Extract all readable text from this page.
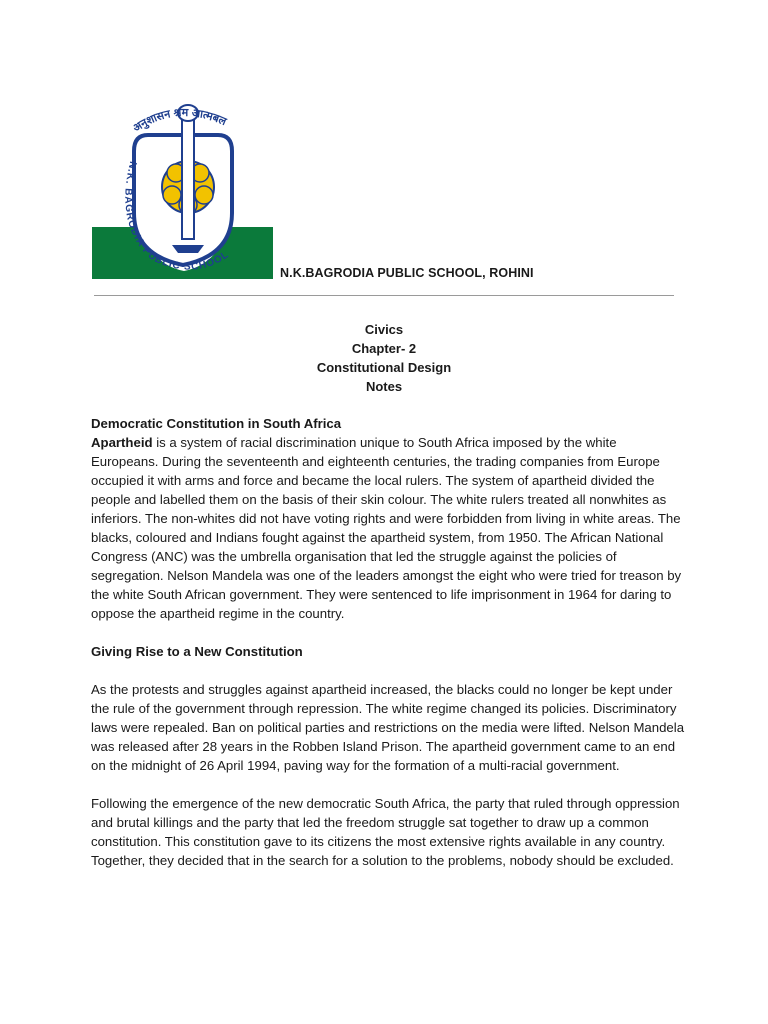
अनुशासन श्रम आत्मबल
N.K. BAGRODIA PUBLIC SCHOOL
N.K.BAGRODIA PUBLIC SCHOOL, ROHINI
Civics
Chapter- 2
Constitutional Design
Notes

Democratic Constitution in South Africa

Apartheid is a system of racial discrimination unique to South Africa imposed by the white Europeans. During the seventeenth and eighteenth centuries, the trading companies from Europe occupied it with arms and force and became the local rulers. The system of apartheid divided the people and labelled them on the basis of their skin colour. The white rulers treated all nonwhites as inferiors. The non-whites did not have voting rights and were forbidden from living in white areas. The blacks, coloured and Indians fought against the apartheid system, from 1950. The African National Congress (ANC) was the umbrella organisation that led the struggle against the policies of segregation. Nelson Mandela was one of the leaders amongst the eight who were tried for treason by the white South African government. They were sentenced to life imprisonment in 1964 for daring to oppose the apartheid regime in the country.

Giving Rise to a New Constitution

As the protests and struggles against apartheid increased, the blacks could no longer be kept under the rule of the government through repression. The white regime changed its policies. Discriminatory laws were repealed. Ban on political parties and restrictions on the media were lifted. Nelson Mandela was released after 28 years in the Robben Island Prison. The apartheid government came to an end on the midnight of 26 April 1994, paving way for the formation of a multi-racial government.

Following the emergence of the new democratic South Africa, the party that ruled through oppression and brutal killings and the party that led the freedom struggle sat together to draw up a common constitution. This constitution gave to its citizens the most extensive rights available in any country. Together, they decided that in the search for a solution to the problems, nobody should be excluded.
